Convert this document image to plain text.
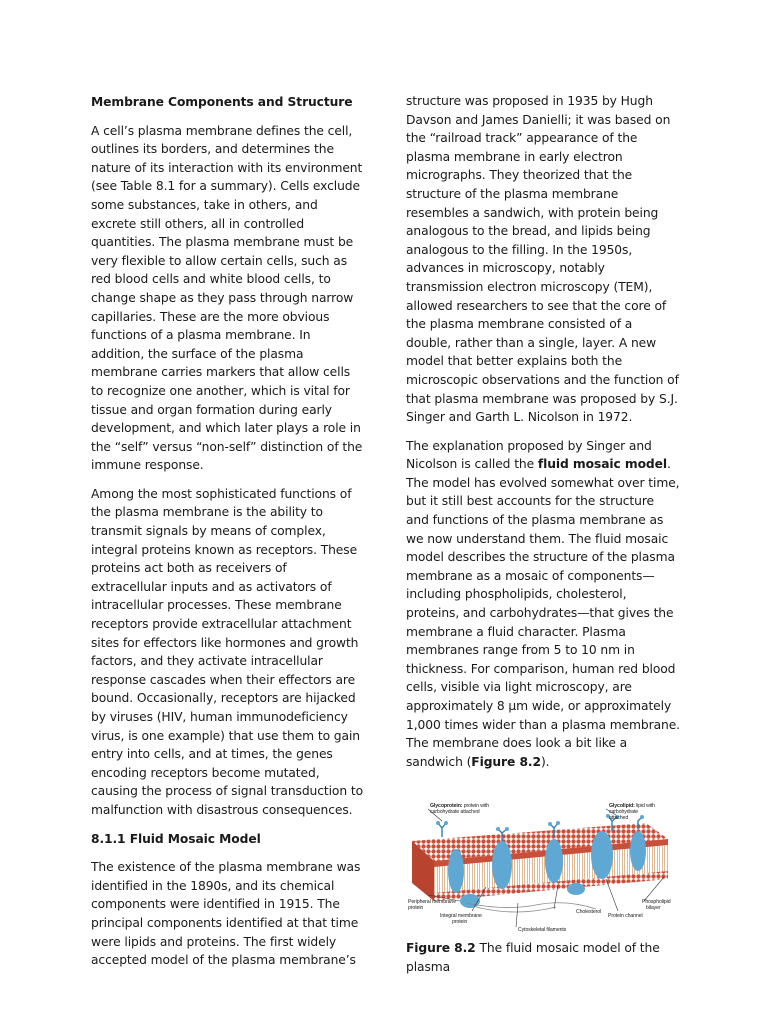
Membrane Components and Structure

A cell’s plasma membrane defines the cell, outlines its borders, and determines the nature of its interaction with its environment (see Table 8.1 for a summary). Cells exclude some substances, take in others, and excrete still others, all in controlled quantities. The plasma membrane must be very flexible to allow certain cells, such as red blood cells and white blood cells, to change shape as they pass through narrow capillaries. These are the more obvious functions of a plasma membrane. In addition, the surface of the plasma membrane carries markers that allow cells to recognize one another, which is vital for tissue and organ formation during early development, and which later plays a role in the “self” versus “non-self” distinction of the immune response.

Among the most sophisticated functions of the plasma membrane is the ability to transmit signals by means of complex, integral proteins known as receptors. These proteins act both as receivers of extracellular inputs and as activators of intracellular processes. These membrane receptors provide extracellular attachment sites for effectors like hormones and growth factors, and they activate intracellular response cascades when their effectors are bound. Occasionally, receptors are hijacked by viruses (HIV, human immunodeficiency virus, is one example) that use them to gain entry into cells, and at times, the genes encoding receptors become mutated, causing the process of signal transduction to malfunction with disastrous consequences.

8.1.1 Fluid Mosaic Model

The existence of the plasma membrane was identified in the 1890s, and its chemical components were identified in 1915. The principal components identified at that time were lipids and proteins. The first widely accepted model of the plasma membrane’s

structure was proposed in 1935 by Hugh Davson and James Danielli; it was based on the “railroad track” appearance of the plasma membrane in early electron micrographs. They theorized that the structure of the plasma membrane resembles a sandwich, with protein being analogous to the bread, and lipids being analogous to the filling. In the 1950s, advances in microscopy, notably transmission electron microscopy (TEM), allowed researchers to see that the core of the plasma membrane consisted of a double, rather than a single, layer. A new model that better explains both the microscopic observations and the function of that plasma membrane was proposed by S.J. Singer and Garth L. Nicolson in 1972.

The explanation proposed by Singer and Nicolson is called the fluid mosaic model. The model has evolved somewhat over time, but it still best accounts for the structure and functions of the plasma membrane as we now understand them. The fluid mosaic model describes the structure of the plasma membrane as a mosaic of components—including phospholipids, cholesterol, proteins, and carbohydrates—that gives the membrane a fluid character. Plasma membranes range from 5 to 10 nm in thickness. For comparison, human red blood cells, visible via light microscopy, are approximately 8 µm wide, or approximately 1,000 times wider than a plasma membrane. The membrane does look a bit like a sandwich (Figure 8.2).

Glycoprotein: protein with
carbohydrate attached
Glycolipid: lipid with
carbohydrate
attached
Peripheral membrane
protein
Integral membrane
protein
Cholesterol
Protein channel
Cytoskeletal filaments
Phospholipid
bilayer
Figure 8.2 The fluid mosaic model of the plasma
